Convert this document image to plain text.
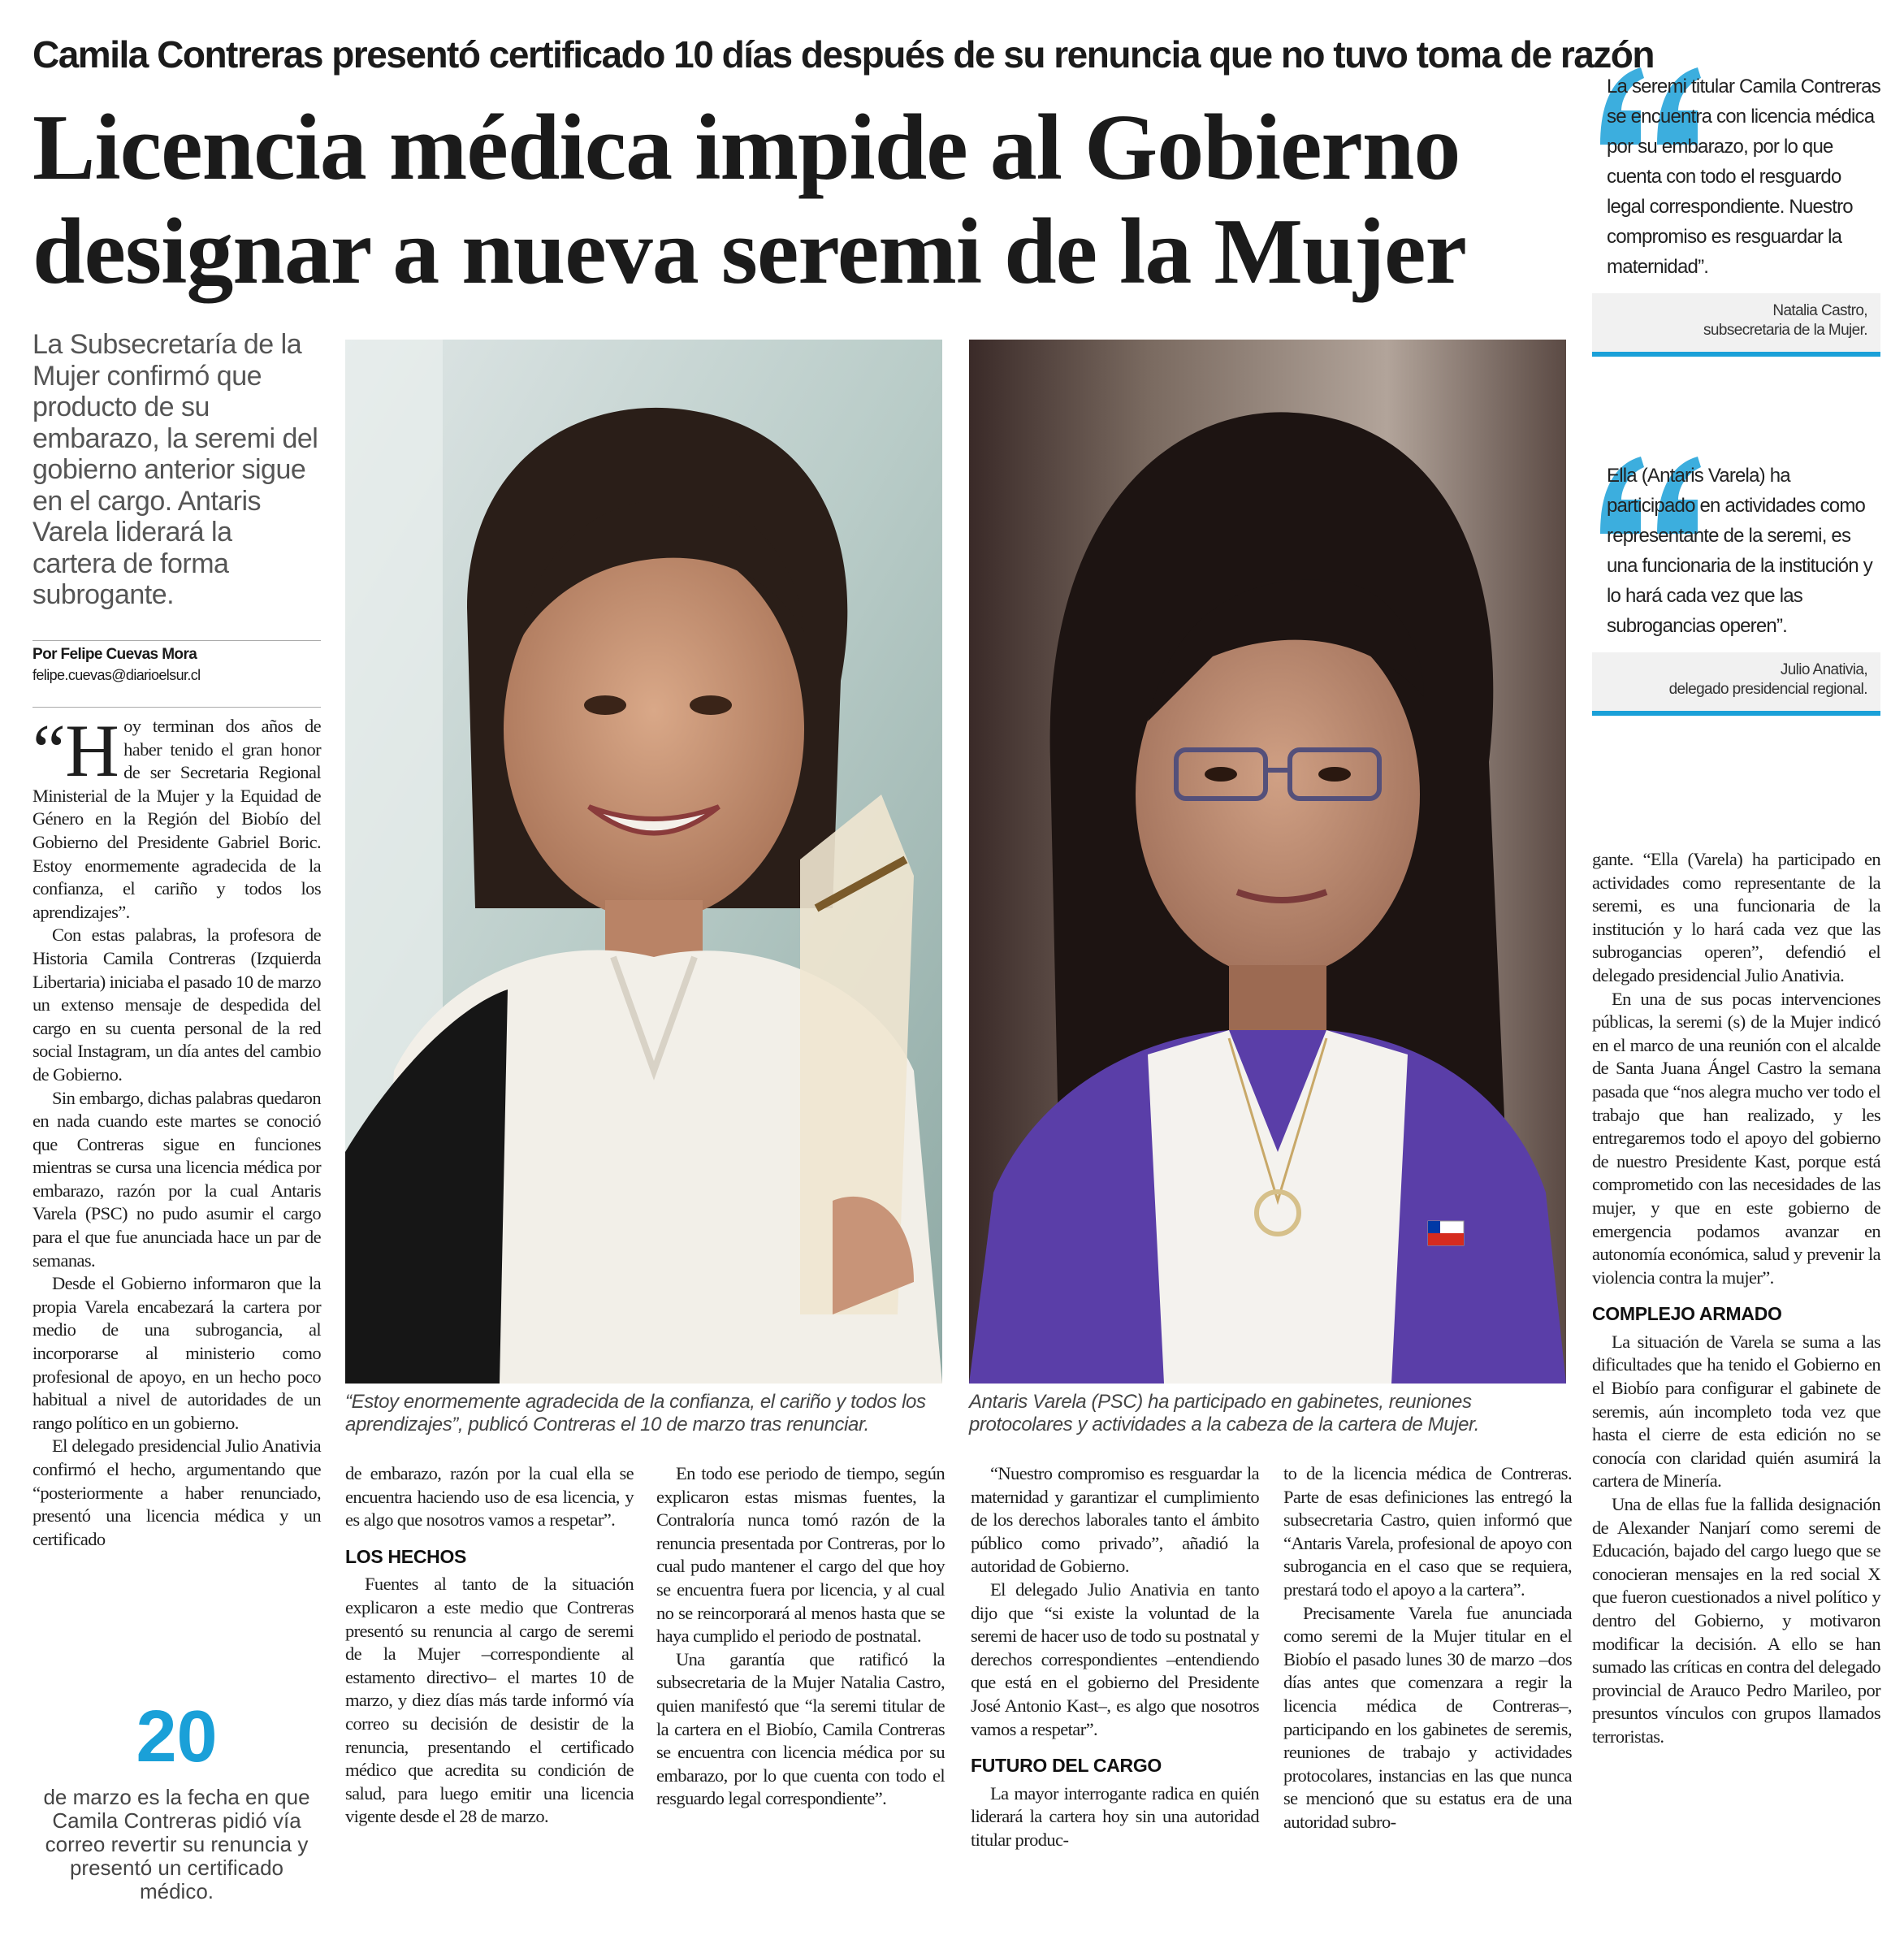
Camila Contreras presentó certificado 10 días después de su renuncia que no tuvo toma de razón
Licencia médica impide al Gobierno designar a nueva seremi de la Mujer
La Subsecretaría de la Mujer confirmó que producto de su embarazo, la seremi del gobierno anterior sigue en el cargo. Antaris Varela liderará la cartera de forma subrogante.
Por Felipe Cuevas Mora
felipe.cuevas@diarioelsur.cl

“Hoy terminan dos años de haber tenido el gran honor de ser Secretaria Regional Ministerial de la Mujer y la Equidad de Género en la Región del Biobío del Gobierno del Presidente Gabriel Boric. Estoy enormemente agradecida de la confianza, el cariño y todos los aprendizajes”.

Con estas palabras, la profesora de Historia Camila Contreras (Izquierda Libertaria) iniciaba el pasado 10 de marzo un extenso mensaje de despedida del cargo en su cuenta personal de la red social Instagram, un día antes del cambio de Gobierno.

Sin embargo, dichas palabras quedaron en nada cuando este martes se conoció que Contreras sigue en funciones mientras se cursa una licencia médica por embarazo, razón por la cual Antaris Varela (PSC) no pudo asumir el cargo para el que fue anunciada hace un par de semanas.

Desde el Gobierno informaron que la propia Varela encabezará la cartera por medio de una subrogancia, al incorporarse al ministerio como profesional de apoyo, en un hecho poco habitual a nivel de autoridades de un rango político en un gobierno.

El delegado presidencial Julio Anativia confirmó el hecho, argumentando que “posteriormente a haber renunciado, presentó una licencia médica y un certificado

20
de marzo es la fecha en que Camila Contreras pidió vía correo revertir su renuncia y presentó un certificado médico.
“Estoy enormemente agradecida de la confianza, el cariño y todos los aprendizajes”, publicó Contreras el 10 de marzo tras renunciar.
Antaris Varela (PSC) ha participado en gabinetes, reuniones protocolares y actividades a la cabeza de la cartera de Mujer.

de embarazo, razón por la cual ella se encuentra haciendo uso de esa licencia, y es algo que nosotros vamos a respetar”.

LOS HECHOS

Fuentes al tanto de la situación explicaron a este medio que Contreras presentó su renuncia al cargo de seremi de la Mujer –correspondiente al estamento directivo– el martes 10 de marzo, y diez días más tarde informó vía correo su decisión de desistir de la renuncia, presentando el certificado médico que acredita su condición de salud, para luego emitir una licencia vigente desde el 28 de marzo.

En todo ese periodo de tiempo, según explicaron estas mismas fuentes, la Contraloría nunca tomó razón de la renuncia presentada por Contreras, por lo cual pudo mantener el cargo del que hoy se encuentra fuera por licencia, y al cual no se reincorporará al menos hasta que se haya cumplido el periodo de postnatal.

Una garantía que ratificó la subsecretaria de la Mujer Natalia Castro, quien manifestó que “la seremi titular de la cartera en el Biobío, Camila Contreras se encuentra con licencia médica por su embarazo, por lo que cuenta con todo el resguardo legal correspondiente”.

“Nuestro compromiso es resguardar la maternidad y garantizar el cumplimiento de los derechos laborales tanto el ámbito público como privado”, añadió la autoridad de Gobierno.

El delegado Julio Anativia en tanto dijo que “si existe la voluntad de la seremi de hacer uso de todo su postnatal y derechos correspondientes –entendiendo que está en el gobierno del Presidente José Antonio Kast–, es algo que nosotros vamos a respetar”.

FUTURO DEL CARGO

La mayor interrogante radica en quién liderará la cartera hoy sin una autoridad titular produc-

to de la licencia médica de Contreras. Parte de esas definiciones las entregó la subsecretaria Castro, quien informó que “Antaris Varela, profesional de apoyo con subrogancia en el caso que se requiera, prestará todo el apoyo a la cartera”.

Precisamente Varela fue anunciada como seremi de la Mujer titular en el Biobío el pasado lunes 30 de marzo –dos días antes que comenzara a regir la licencia médica de Contreras–, participando en los gabinetes de seremis, reuniones de trabajo y actividades protocolares, instancias en las que nunca se mencionó que su estatus era de una autoridad subro-

gante. “Ella (Varela) ha participado en actividades como representante de la seremi, es una funcionaria de la institución y lo hará cada vez que las subrogancias operen”, defendió el delegado presidencial Julio Anativia.

En una de sus pocas intervenciones públicas, la seremi (s) de la Mujer indicó en el marco de una reunión con el alcalde de Santa Juana Ángel Castro la semana pasada que “nos alegra mucho ver todo el trabajo que han realizado, y les entregaremos todo el apoyo del gobierno de nuestro Presidente Kast, porque está comprometido con las necesidades de las mujer, y que en este gobierno de emergencia podamos avanzar en autonomía económica, salud y prevenir la violencia contra la mujer”.

COMPLEJO ARMADO

La situación de Varela se suma a las dificultades que ha tenido el Gobierno en el Biobío para configurar el gabinete de seremis, aún incompleto toda vez que hasta el cierre de esta edición no se conocía con claridad quién asumirá la cartera de Minería.

Una de ellas fue la fallida designación de Alexander Nanjarí como seremi de Educación, bajado del cargo luego que se conocieran mensajes en la red social X que fueron cuestionados a nivel político y dentro del Gobierno, y motivaron modificar la decisión. A ello se han sumado las críticas en contra del delegado provincial de Arauco Pedro Marileo, por presuntos vínculos con grupos llamados terroristas.

La seremi titular Camila Contreras se encuentra con licencia médica por su embarazo, por lo que cuenta con todo el resguardo legal correspondiente. Nuestro compromiso es resguardar la maternidad”.
Natalia Castro,
subsecretaria de la Mujer.
Ella (Antaris Varela) ha participado en actividades como representante de la seremi, es una funcionaria de la institución y lo hará cada vez que las subrogancias operen”.
Julio Anativia,
delegado presidencial regional.
